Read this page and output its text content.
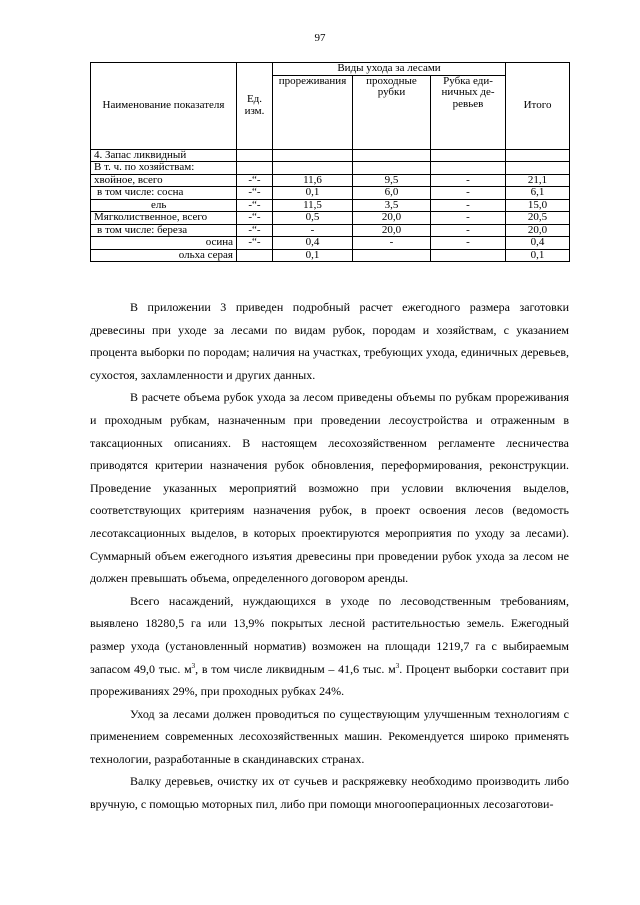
97
Наименование показателя	Ед. изм.	Виды ухода за лесами			Итого
		прореживания	проходные рубки	Рубка еди- ничных де- ревьев	
4. Запас ликвидный					
В т. ч. по хозяйствам:					
хвойное, всего	-“-	11,6	9,5	-	21,1
в том числе: сосна	-“-	0,1	6,0	-	6,1
ель	-“-	11,5	3,5	-	15,0
Мягколиственное, всего	-“-	0,5	20,0	-	20,5
в том числе: береза	-“-	-	20,0	-	20,0
осина	-“-	0,4	-	-	0,4
ольха серая		0,1			0,1

В приложении 3 приведен подробный расчет ежегодного размера заготовки древесины при уходе за лесами по видам рубок, породам и хозяйствам, с указанием процента выборки по породам; наличия на участках, требующих ухода, единичных деревьев, сухостоя, захламленности и других данных.

В расчете объема рубок ухода за лесом приведены объемы по рубкам прореживания и проходным рубкам, назначенным при проведении лесоустройства и отраженным в таксационных описаниях. В настоящем лесохозяйственном регламенте лесничества приводятся критерии назначения рубок обновления, переформирования, реконструкции. Проведение указанных мероприятий возможно при условии включения выделов, соответствующих критериям назначения рубок, в проект освоения лесов (ведомость лесотаксационных выделов, в которых проектируются мероприятия по уходу за лесами). Суммарный объем ежегодного изъятия древесины при проведении рубок ухода за лесом не должен превышать объема, определенного договором аренды.

Всего насаждений, нуждающихся в уходе по лесоводственным требованиям, выявлено 18280,5 га или 13,9% покрытых лесной растительностью земель. Ежегодный размер ухода (установленный норматив) возможен на площади 1219,7 га с выбираемым запасом 49,0 тыс. $м^3$, в том числе ликвидным – 41,6 тыс. $м^3$. Процент выборки составит при прореживаниях 29%, при проходных рубках 24%.

Уход за лесами должен проводиться по существующим улучшенным технологиям с применением современных лесохозяйственных машин. Рекомендуется широко применять технологии, разработанные в скандинавских странах.

Валку деревьев, очистку их от сучьев и раскряжевку необходимо производить либо вручную, с помощью моторных пил, либо при помощи многооперационных лесозаготови-
